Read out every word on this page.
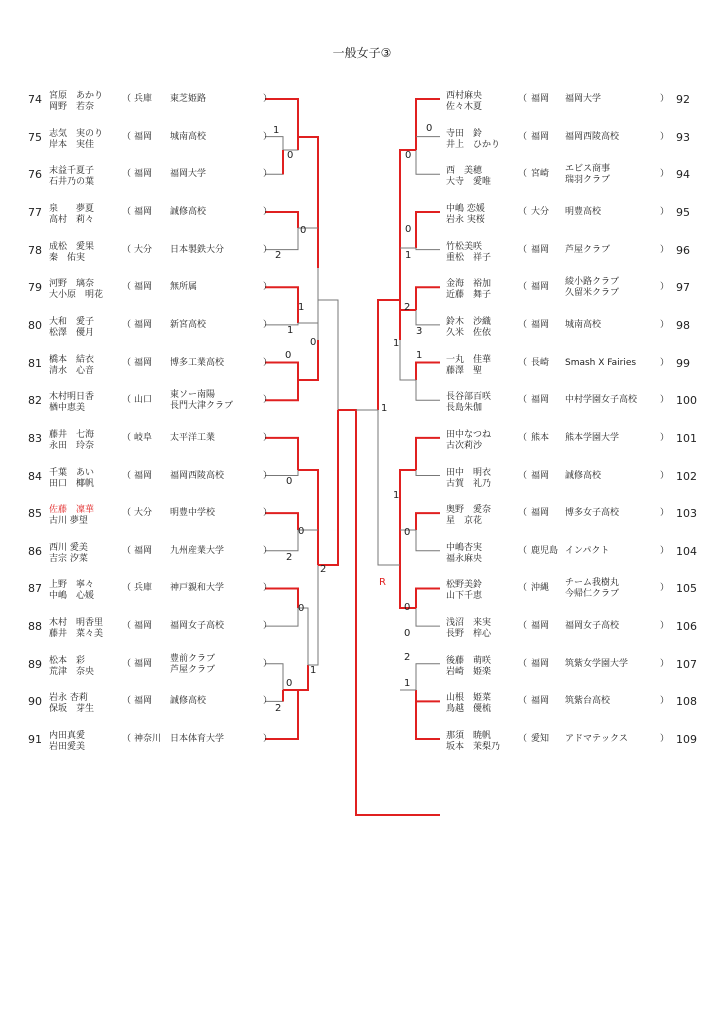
一般女子③
1
0
0
2
1
1
0
0
0
0
2
0
0
2
1
2
0
0
0
1
2
3
1
1
1
1
0
0
0
2
1
R
74 宮原　あかり
岡野　若奈
（ 兵庫 東芝姫路	）
75 志気　実のり
岸本　実佳
（ 福岡 城南高校	）
76 末益千夏子
石井乃の葉
（ 福岡 福岡大学	）
77 泉　　夢夏
高村　莉々
（ 福岡 誠修高校	）
78 成松　愛果
秦　佑実
（ 大分 日本製鉄大分	）
79 河野　璃奈
大小原　明花
（ 福岡 無所属	）
80 大和　愛子
松澤　優月
（ 福岡 新宮高校	）
81 橋本　結衣
清水　心音
（ 福岡 博多工業高校	）
82 木村明日香
楢中恵美
（ 山口 東ソー南陽
長門大津クラブ
）
83 藤井　七海
永田　玲奈
（ 岐阜 太平洋工業	）
84 千葉　あい
田口　椰帆
（ 福岡 福岡西陵高校	）
85 佐藤　凜華
古川 夢望
（ 大分 明豊中学校	）
86 西川 愛美
吉宗 汐菜
（ 福岡 九州産業大学	）
87 上野　寧々
中嶋　心媛
（ 兵庫 神戸親和大学	）
88 木村　明香里
藤井　菜々美
（ 福岡 福岡女子高校	）
89 松本　彩
荒津　奈央
（ 福岡 豊前クラブ
芦屋クラブ
）
90 岩永 杏莉
保坂　芽生
（ 福岡 誠修高校	）
91 内田真愛
岩田愛美
（ 神奈川 日本体育大学	）
西村麻央
佐々木夏
（ 福岡 福岡大学	） 92
寺田　鈴
井上　ひかり
（ 福岡 福岡西陵高校	） 93
西　美穂
大寺　愛唯
（ 宮崎 エビス商事
瑞羽クラブ
） 94
中嶋 恋媛
岩永 実桜
（ 大分 明豊高校	） 95
竹松美咲
重松　祥子
（ 福岡 芦屋クラブ	） 96
金海　裕加
近藤　舞子
（ 福岡 綾小路クラブ
久留米クラブ
） 97
鈴木　沙織
久米　佐依
（ 福岡 城南高校	） 98
一丸　佳華
藤澤　聖
（ 長崎 Smash X Fairies	） 99
長谷部百咲
長島朱伽
（ 福岡 中村学園女子高校	） 100
田中なつね
古次莉沙
（ 熊本 熊本学園大学	） 101
田中　明衣
古賀　礼乃
（ 福岡 誠修高校	） 102
奥野　愛奈
星　京花
（ 福岡 博多女子高校	） 103
中嶋杏実
福永麻央
（ 鹿児島 インパクト	） 104
松野美鈴
山下千恵
（ 沖縄 チーム我樹丸
今帰仁クラブ
） 105
浅沼　来実
長野　梓心
（ 福岡 福岡女子高校	） 106
後藤　萌咲
岩崎　姫楽
（ 福岡 筑紫女学園大学	） 107
山根　姫菜
鳥越　優梳
（ 福岡 筑紫台高校	） 108
那須　暁帆
坂本　茉梨乃
（ 愛知 アドマテックス	） 109
